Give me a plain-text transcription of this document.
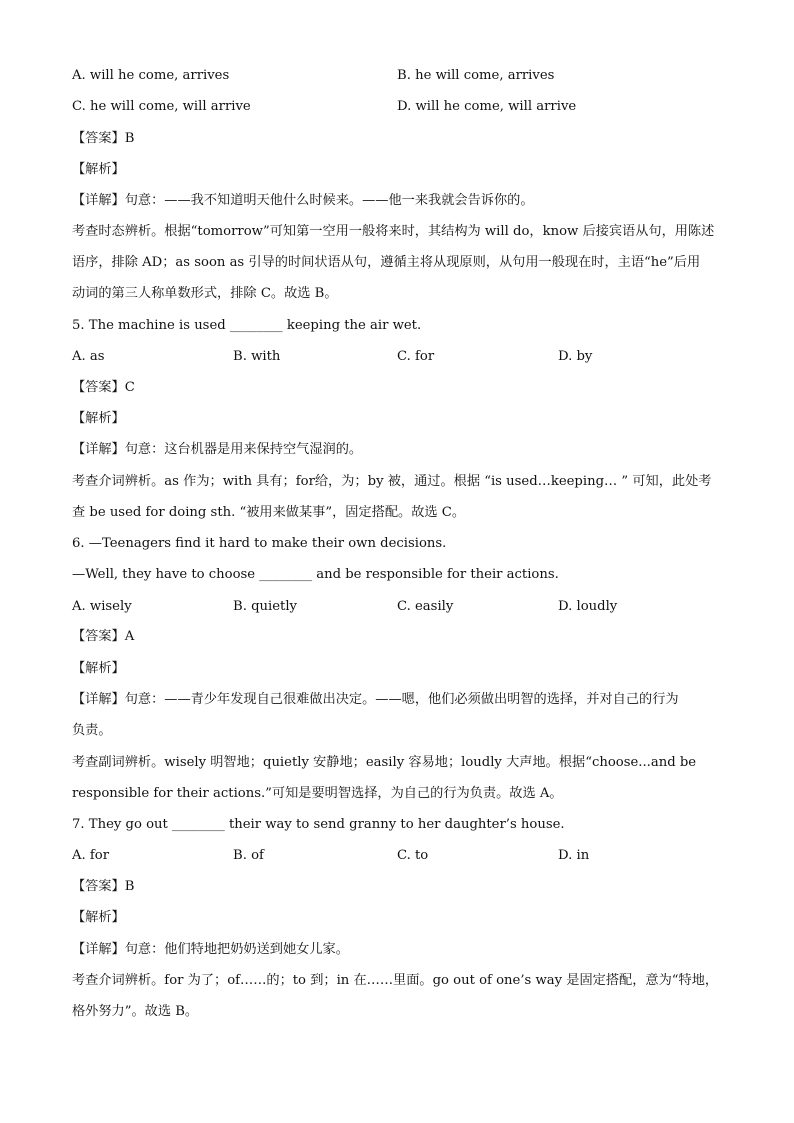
A. will he come, arrives	B. he will come, arrives
C. he will come, will arrive	D. will he come, will arrive
【答案】B
【解析】
【详解】句意：——我不知道明天他什么时候来。——他一来我就会告诉你的。
考查时态辨析。根据“tomorrow”可知第一空用一般将来时，其结构为 will do，know 后接宾语从句，用陈述
语序，排除 AD；as soon as 引导的时间状语从句，遵循主将从现原则，从句用一般现在时，主语“he”后用
动词的第三人称单数形式，排除 C。故选 B。
5. The machine is used ________ keeping the air wet.
A. as	B. with	C. for	D. by
【答案】C
【解析】
【详解】句意：这台机器是用来保持空气湿润的。
考查介词辨析。as 作为；with 具有；for给，为；by 被，通过。根据 “is used…keeping… ” 可知，此处考
查 be used for doing sth. “被用来做某事”，固定搭配。故选 C。
6. —Teenagers find it hard to make their own decisions.
—Well, they have to choose ________ and be responsible for their actions.
A. wisely	B. quietly	C. easily	D. loudly
【答案】A
【解析】
【详解】句意：——青少年发现自己很难做出决定。——嗯，他们必须做出明智的选择，并对自己的行为
负责。
考查副词辨析。wisely 明智地；quietly 安静地；easily 容易地；loudly 大声地。根据“choose...and be
responsible for their actions.”可知是要明智选择，为自己的行为负责。故选 A。
7. They go out ________ their way to send granny to her daughter’s house.
A. for	B. of	C. to	D. in
【答案】B
【解析】
【详解】句意：他们特地把奶奶送到她女儿家。
考查介词辨析。for 为了；of……的；to 到；in 在……里面。go out of one’s way 是固定搭配，意为“特地，
格外努力”。故选 B。
